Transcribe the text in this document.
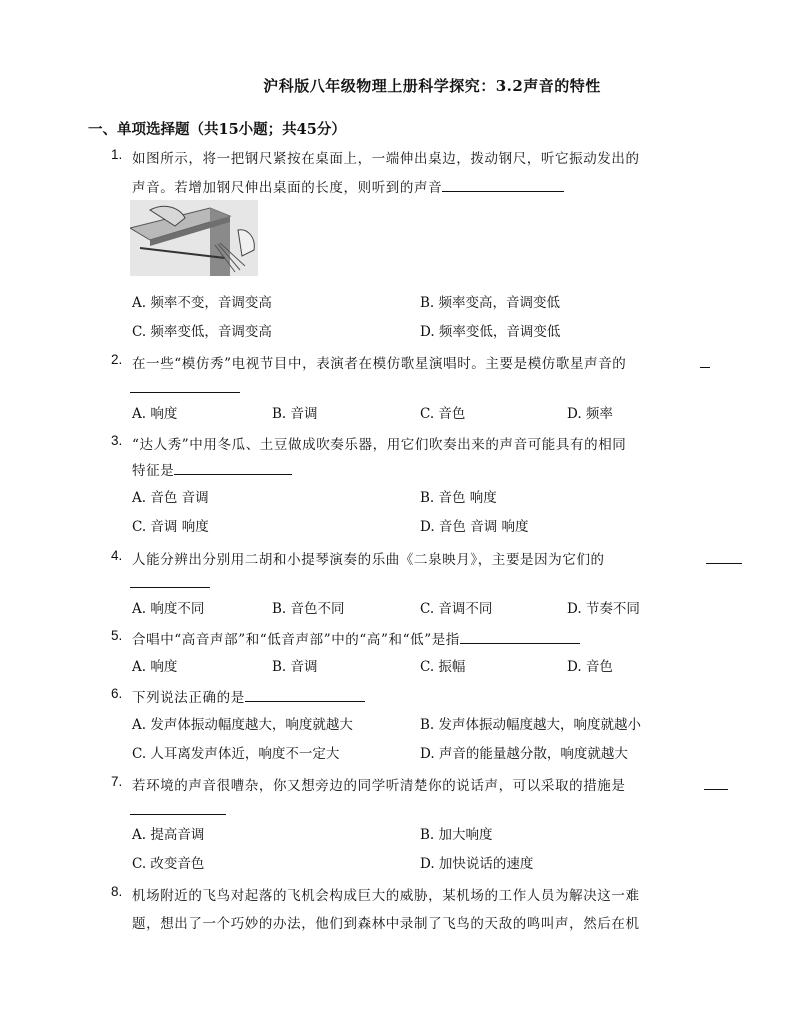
沪科版八年级物理上册科学探究：3.2声音的特性
一、单项选择题（共15小题；共45分）
1. 如图所示，将一把钢尺紧按在桌面上，一端伸出桌边，拨动钢尺，听它振动发出的
声音。若增加钢尺伸出桌面的长度，则听到的声音
A. 频率不变，音调变高	B. 频率变高，音调变低
C. 频率变低，音调变高	D. 频率变低，音调变低
2. 在一些“模仿秀”电视节目中，表演者在模仿歌星演唱时。主要是模仿歌星声音的
A. 响度	B. 音调	C. 音色	D. 频率
3. “达人秀”中用冬瓜、土豆做成吹奏乐器，用它们吹奏出来的声音可能具有的相同
特征是
A. 音色 音调	B. 音色 响度
C. 音调 响度	D. 音色 音调 响度
4. 人能分辨出分别用二胡和小提琴演奏的乐曲《二泉映月》，主要是因为它们的
A. 响度不同	B. 音色不同	C. 音调不同	D. 节奏不同
5. 合唱中“高音声部”和“低音声部”中的“高”和“低”是指
A. 响度	B. 音调	C. 振幅	D. 音色
6. 下列说法正确的是
A. 发声体振动幅度越大，响度就越大	B. 发声体振动幅度越大，响度就越小
C. 人耳离发声体近，响度不一定大	D. 声音的能量越分散，响度就越大
7. 若环境的声音很嘈杂，你又想旁边的同学听清楚你的说话声，可以采取的措施是
A. 提高音调	B. 加大响度
C. 改变音色	D. 加快说话的速度
8. 机场附近的飞鸟对起落的飞机会构成巨大的威胁，某机场的工作人员为解决这一难
题，想出了一个巧妙的办法，他们到森林中录制了飞鸟的天敌的鸣叫声，然后在机
